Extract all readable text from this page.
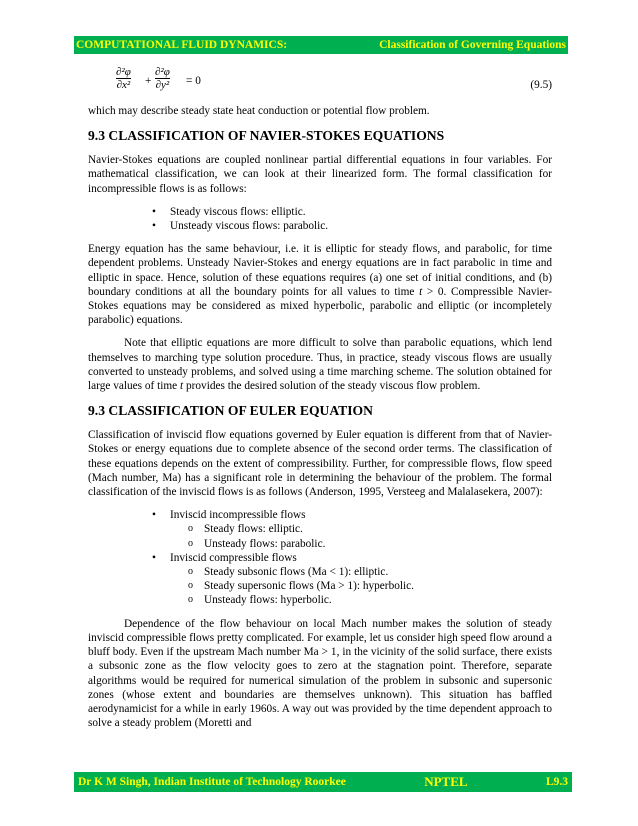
COMPUTATIONAL FLUID DYNAMICS:	Classification of Governing Equations
∂²φ
∂x² +
∂²φ
∂y² = 0	(9.5)

which may describe steady state heat conduction or potential flow problem.

9.3 CLASSIFICATION OF NAVIER-STOKES EQUATIONS

Navier-Stokes equations are coupled nonlinear partial differential equations in four variables. For mathematical classification, we can look at their linearized form. The formal classification for incompressible flows is as follows:

• Steady viscous flows: elliptic.
• Unsteady viscous flows: parabolic.

Energy equation has the same behaviour, i.e. it is elliptic for steady flows, and parabolic, for time dependent problems. Unsteady Navier-Stokes and energy equations are in fact parabolic in time and elliptic in space. Hence, solution of these equations requires (a) one set of initial conditions, and (b) boundary conditions at all the boundary points for all values to time t > 0. Compressible Navier-Stokes equations may be considered as mixed hyperbolic, parabolic and elliptic (or incompletely parabolic) equations.

Note that elliptic equations are more difficult to solve than parabolic equations, which lend themselves to marching type solution procedure. Thus, in practice, steady viscous flows are usually converted to unsteady problems, and solved using a time marching scheme. The solution obtained for large values of time t provides the desired solution of the steady viscous flow problem.

9.3 CLASSIFICATION OF EULER EQUATION

Classification of inviscid flow equations governed by Euler equation is different from that of Navier-Stokes or energy equations due to complete absence of the second order terms. The classification of these equations depends on the extent of compressibility. Further, for compressible flows, flow speed (Mach number, Ma) has a significant role in determining the behaviour of the problem. The formal classification of the inviscid flows is as follows (Anderson, 1995, Versteeg and Malalasekera, 2007):

• Inviscid incompressible flows
o Steady flows: elliptic.
o Unsteady flows: parabolic.
• Inviscid compressible flows
o Steady subsonic flows (Ma < 1): elliptic.
o Steady supersonic flows (Ma > 1): hyperbolic.
o Unsteady flows: hyperbolic.

Dependence of the flow behaviour on local Mach number makes the solution of steady inviscid compressible flows pretty complicated. For example, let us consider high speed flow around a bluff body. Even if the upstream Mach number Ma > 1, in the vicinity of the solid surface, there exists a subsonic zone as the flow velocity goes to zero at the stagnation point. Therefore, separate algorithms would be required for numerical simulation of the problem in subsonic and supersonic zones (whose extent and boundaries are themselves unknown). This situation has baffled aerodynamicist for a while in early 1960s. A way out was provided by the time dependent approach to solve a steady problem (Moretti and

Dr K M Singh, Indian Institute of Technology Roorkee	NPTEL	L9.3
